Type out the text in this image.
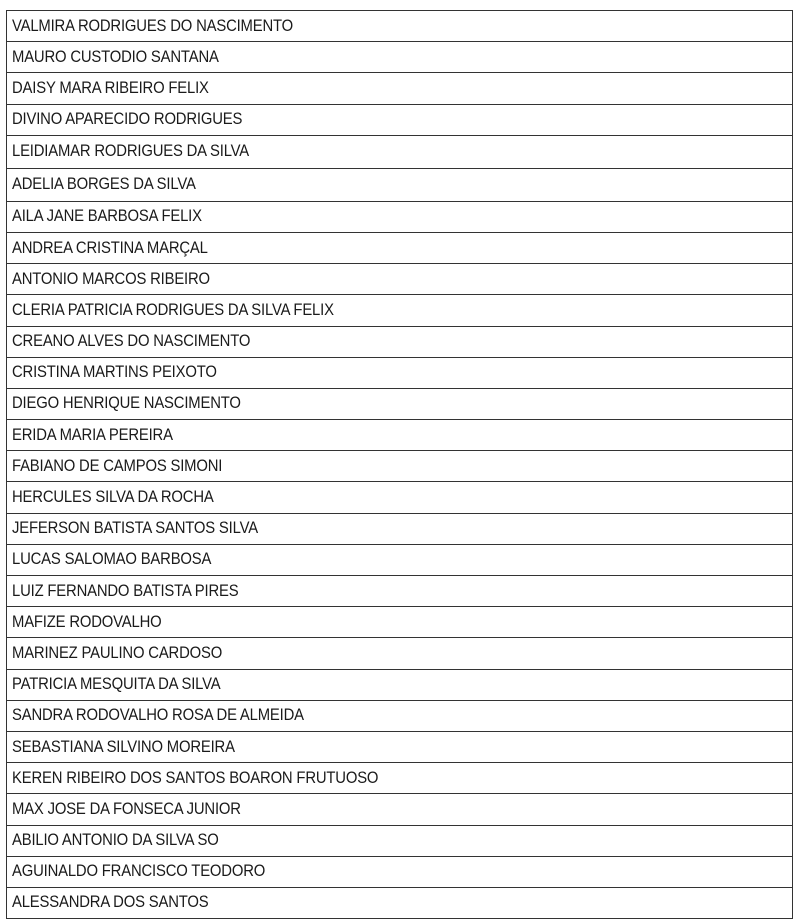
VALMIRA RODRIGUES DO NASCIMENTO
MAURO CUSTODIO SANTANA
DAISY MARA RIBEIRO FELIX
DIVINO APARECIDO RODRIGUES
LEIDIAMAR RODRIGUES DA SILVA
ADELIA BORGES DA SILVA
AILA JANE BARBOSA FELIX
ANDREA CRISTINA MARÇAL
ANTONIO MARCOS RIBEIRO
CLERIA PATRICIA RODRIGUES DA SILVA FELIX
CREANO ALVES DO NASCIMENTO
CRISTINA MARTINS PEIXOTO
DIEGO HENRIQUE NASCIMENTO
ERIDA MARIA PEREIRA
FABIANO DE CAMPOS SIMONI
HERCULES SILVA DA ROCHA
JEFERSON BATISTA SANTOS SILVA
LUCAS SALOMAO BARBOSA
LUIZ FERNANDO BATISTA PIRES
MAFIZE RODOVALHO
MARINEZ PAULINO CARDOSO
PATRICIA MESQUITA DA SILVA
SANDRA RODOVALHO ROSA DE ALMEIDA
SEBASTIANA SILVINO MOREIRA
KEREN RIBEIRO DOS SANTOS BOARON FRUTUOSO
MAX JOSE DA FONSECA JUNIOR
ABILIO ANTONIO DA SILVA SO
AGUINALDO FRANCISCO TEODORO
ALESSANDRA DOS SANTOS
